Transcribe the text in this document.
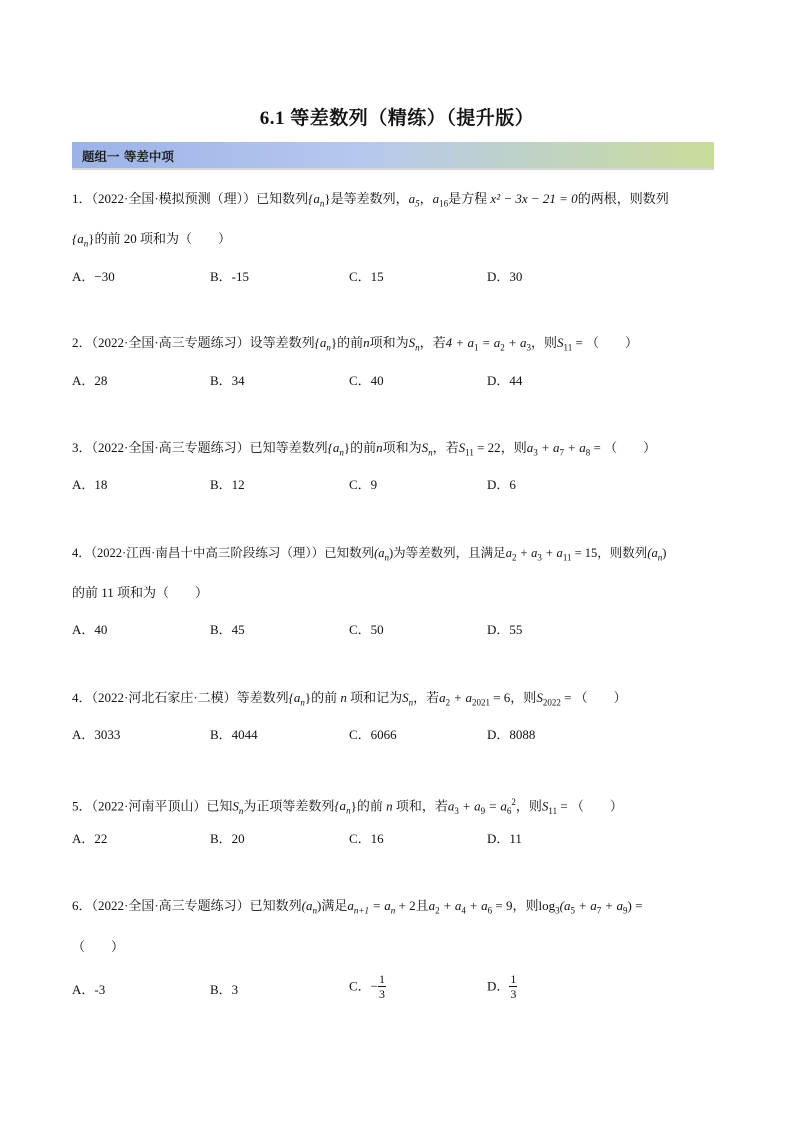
6.1 等差数列（精练）（提升版）
题组一 等差中项
1．（2022·全国·模拟预测（理））已知数列$\{a_n\}$是等差数列，$a_5$，$a_{16}$是方程 x² − 3x − 21 = 0的两根，则数列
$\{a_n\}$的前 20 项和为（　　）
A．−30	B．-15	C．15	D．30
2．（2022·全国·高三专题练习）设等差数列$\{a_n\}$的前n项和为$S_n$，若$4 + a_1 = a_2 + a_3$，则$S_{11}$ = （　　）
A．28	B．34	C．40	D．44
3．（2022·全国·高三专题练习）已知等差数列$\{a_n\}$的前n项和为$S_n$，若$S_{11} = 22$，则$a_3 + a_7 + a_8$ = （　　）
A．18	B．12	C．9	D．6
4．（2022·江西·南昌十中高三阶段练习（理））已知数列$(a_n)$为等差数列，且满足$a_2 + a_3 + a_{11} = 15$，则数列$(a_n)$
的前 11 项和为（　　）
A．40	B．45	C．50	D．55
4．（2022·河北石家庄·二模）等差数列$\{a_n\}$的前 n 项和记为$S_n$，若$a_2 + a_{2021} = 6$，则$S_{2022}$ = （　　）
A．3033	B．4044	C．6066	D．8088
5．（2022·河南平顶山）已知$S_n$为正项等差数列$\{a_n\}$的前 n 项和，若$a_3 + a_9 = a_6^2$，则$S_{11}$ = （　　）
A．22	B．20	C．16	D．11
6．（2022·全国·高三专题练习）已知数列$(a_n)$满足$a_{n+1} = a_n + 2$且$a_2 + a_4 + a_6 = 9$，则$\log_3(a_5 + a_7 + a_9)$ =
（　　）
A．-3	B．3	C．− $\frac{1}{3}$	D． $\frac{1}{3}$
